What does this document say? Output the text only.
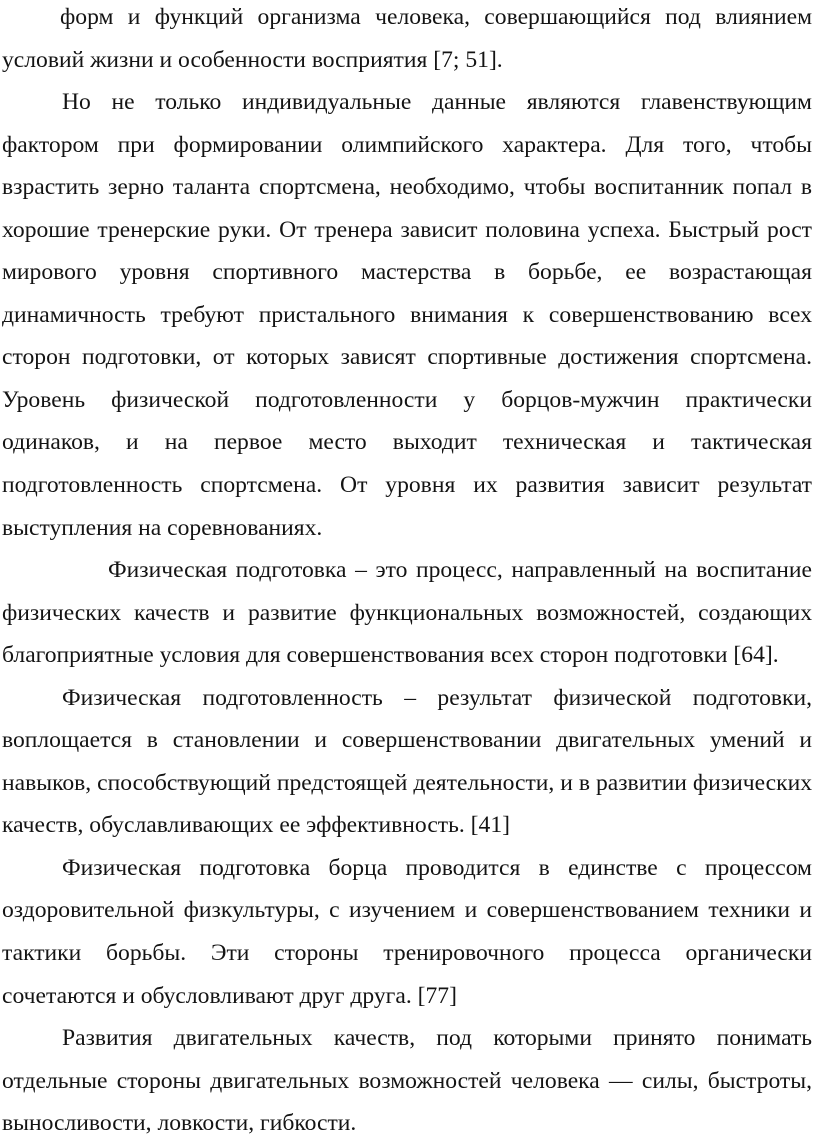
форм и функций организма человека, совершающийся под влиянием условий жизни и особенности восприятия [7; 51].

Но не только индивидуальные данные являются главенствующим фактором при формировании олимпийского характера. Для того, чтобы взрастить зерно таланта спортсмена, необходимо, чтобы воспитанник попал в хорошие тренерские руки. От тренера зависит половина успеха. Быстрый рост мирового уровня спортивного мастерства в борьбе, ее возрастающая динамичность требуют пристального внимания к совершенствованию всех сторон подготовки, от которых зависят спортивные достижения спортсмена. Уровень физической подготовленности у борцов-мужчин практически одинаков, и на первое место выходит техническая и тактическая подготовленность спортсмена. От уровня их развития зависит результат выступления на соревнованиях.

Физическая подготовка – это процесс, направленный на воспитание физических качеств и развитие функциональных возможностей, создающих благоприятные условия для совершенствования всех сторон подготовки [64].

Физическая подготовленность – результат физической подготовки, воплощается в становлении и совершенствовании двигательных умений и навыков, способствующий предстоящей деятельности, и в развитии физических качеств, обуславливающих ее эффективность. [41]

Физическая подготовка борца проводится в единстве с процессом оздоровительной физкультуры, с изучением и совершенствованием техники и тактики борьбы. Эти стороны тренировочного процесса органически сочетаются и обусловливают друг друга. [77]

Развития двигательных качеств, под которыми принято понимать отдельные стороны двигательных возможностей человека — силы, быстроты, выносливости, ловкости, гибкости.
